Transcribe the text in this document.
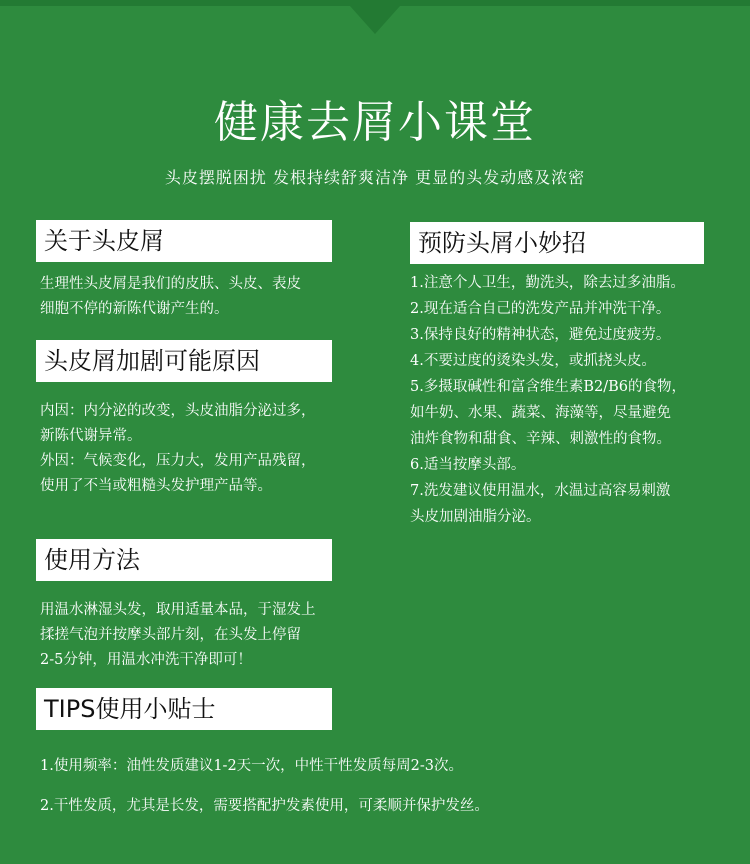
健康去屑小课堂
头皮摆脱困扰 发根持续舒爽洁净 更显的头发动感及浓密
关于头皮屑

生理性头皮屑是我们的皮肤、头皮、表皮

细胞不停的新陈代谢产生的。

头皮屑加剧可能原因

内因：内分泌的改变，头皮油脂分泌过多，

新陈代谢异常。

外因：气候变化，压力大，发用产品残留，

使用了不当或粗糙头发护理产品等。

使用方法

用温水淋湿头发，取用适量本品，于湿发上

揉搓气泡并按摩头部片刻，在头发上停留

2-5分钟，用温水冲洗干净即可！

预防头屑小妙招
1.注意个人卫生，勤洗头，除去过多油脂。
2.现在适合自己的洗发产品并冲洗干净。
3.保持良好的精神状态，避免过度疲劳。
4.不要过度的烫染头发，或抓挠头皮。
5.多摄取碱性和富含维生素B2/B6的食物，
如牛奶、水果、蔬菜、海藻等，尽量避免
油炸食物和甜食、辛辣、刺激性的食物。
6.适当按摩头部。
7.洗发建议使用温水，水温过高容易刺激
头皮加剧油脂分泌。
TIPS使用小贴士
1.使用频率：油性发质建议1-2天一次，中性干性发质每周2-3次。
2.干性发质，尤其是长发，需要搭配护发素使用，可柔顺并保护发丝。
